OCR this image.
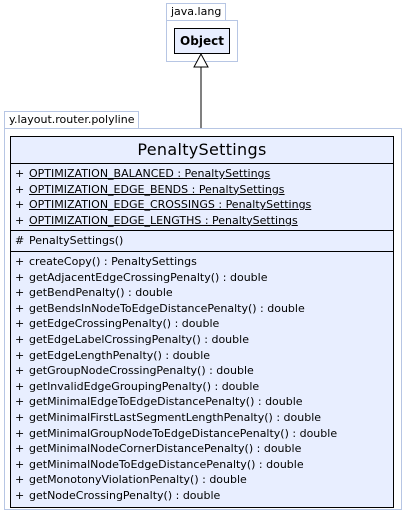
java.lang
Object
y.layout.router.polyline
PenaltySettings
+ OPTIMIZATION_BALANCED : PenaltySettings
+ OPTIMIZATION_EDGE_BENDS : PenaltySettings
+ OPTIMIZATION_EDGE_CROSSINGS : PenaltySettings
+ OPTIMIZATION_EDGE_LENGTHS : PenaltySettings
# PenaltySettings()
+ createCopy() : PenaltySettings
+ getAdjacentEdgeCrossingPenalty() : double
+ getBendPenalty() : double
+ getBendsInNodeToEdgeDistancePenalty() : double
+ getEdgeCrossingPenalty() : double
+ getEdgeLabelCrossingPenalty() : double
+ getEdgeLengthPenalty() : double
+ getGroupNodeCrossingPenalty() : double
+ getInvalidEdgeGroupingPenalty() : double
+ getMinimalEdgeToEdgeDistancePenalty() : double
+ getMinimalFirstLastSegmentLengthPenalty() : double
+ getMinimalGroupNodeToEdgeDistancePenalty() : double
+ getMinimalNodeCornerDistancePenalty() : double
+ getMinimalNodeToEdgeDistancePenalty() : double
+ getMonotonyViolationPenalty() : double
+ getNodeCrossingPenalty() : double
